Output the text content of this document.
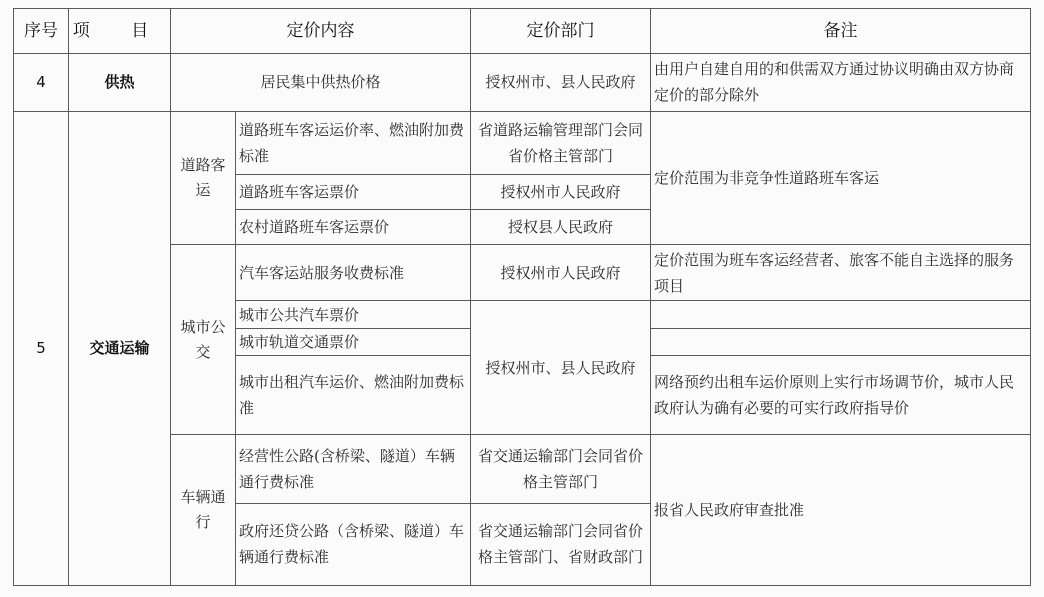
序号	项 目	定价内容		定价部门	备注
4	供热	居民集中供热价格		授权州市、县人民政府	由用户自建自用的和供需双方通过协议明确由双方协商定价的部分除外
5	交通运输	道路客运	道路班车客运运价率、燃油附加费标准	省道路运输管理部门会同省价格主管部门	定价范围为非竞争性道路班车客运
			道路班车客运票价	授权州市人民政府	
			农村道路班车客运票价	授权县人民政府	
		城市公交	汽车客运站服务收费标准	授权州市人民政府	定价范围为班车客运经营者、旅客不能自主选择的服务项目
			城市公共汽车票价	授权州市、县人民政府	
			城市轨道交通票价		
			城市出租汽车运价、燃油附加费标准		网络预约出租车运价原则上实行市场调节价，城市人民政府认为确有必要的可实行政府指导价
		车辆通行	经营性公路(含桥梁、隧道）车辆通行费标准	省交通运输部门会同省价格主管部门	报省人民政府审查批准
			政府还贷公路（含桥梁、隧道）车辆通行费标准	省交通运输部门会同省价格主管部门、省财政部门	
